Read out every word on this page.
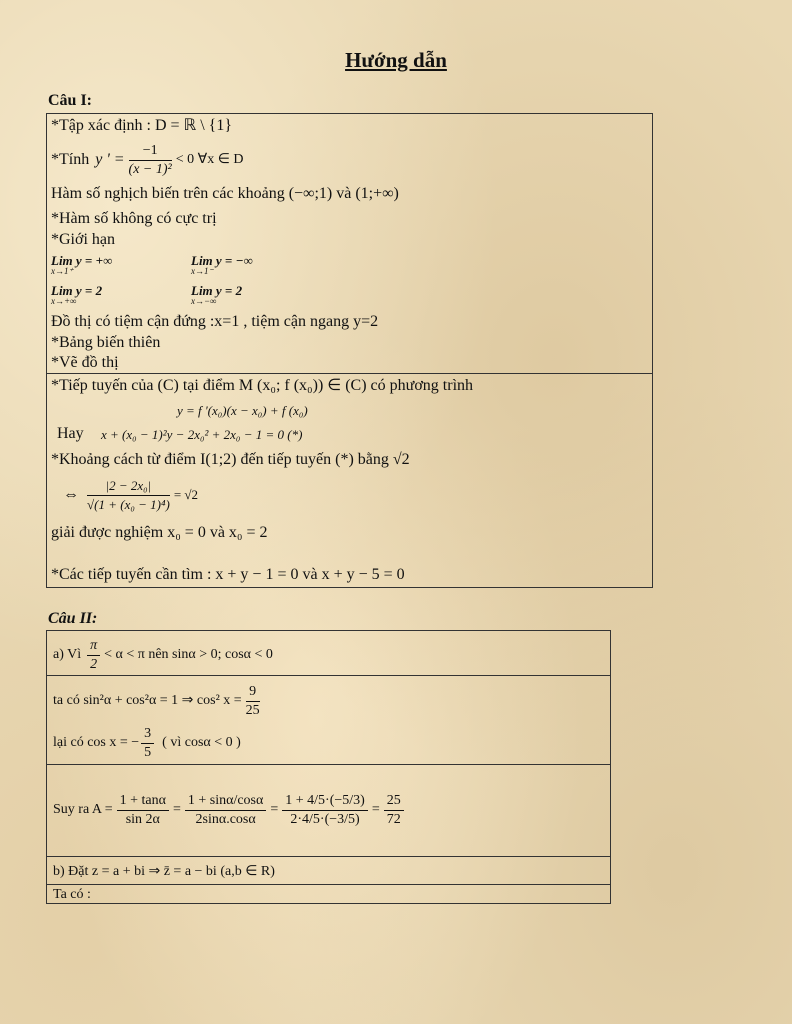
Hướng dẫn
Câu I:
*Tập xác định : D = ℝ \ {1}
*Tính y ' = $\frac{-1}{\text{(x − 1)²}} < 0$ ∀x ∈ D
Hàm số nghịch biến trên các khoảng (−∞;1) và (1;+∞)
*Hàm số không có cực trị
*Giới hạn
Lim y = +∞
x→1⁺
Lim y = −∞
x→1⁻
Lim y = 2
x→+∞
Lim y = 2
x→−∞
Đồ thị có tiệm cận đứng :x=1 , tiệm cận ngang y=2
*Bảng biến thiên
*Vẽ đồ thị
*Tiếp tuyến của (C) tại điểm M (x₀; f (x₀)) ∈ (C) có phương trình
y = f '(x₀)(x − x₀) + f (x₀)
Hay x + (x₀ − 1)²y − 2x₀² + 2x₀ − 1 = 0 (*)
*Khoảng cách từ điểm I(1;2) đến tiếp tuyến (*) bằng √2
⇔ $\frac{\text{|2 − 2x₀|}}{\text{√(1 + (x₀ − 1)⁴)}} = √2$
giải được nghiệm x₀ = 0 và x₀ = 2
*Các tiếp tuyến cần tìm : x + y − 1 = 0 và x + y − 5 = 0
Câu II:
a) Vì $\frac{\pi}{2} < \alpha < \pi$ nên sinα > 0; cosα < 0
ta có sin²α + cos²α = 1 ⇒ cos² $x = \frac{9}{25}$
lại có cos x = − $\frac{3}{5}$ ( vì cosα < 0 )
Suy ra $A = \frac{1 + \tan\alpha}{\sin 2\alpha} = \frac{1 + \sin\alpha/\cos\alpha}{2\sin\alpha.\cos\alpha} = \frac{1 + 4/5\cdot(-5/3)}{2\cdot 4/5\cdot(-3/5)} = \frac{25}{72}$
b) Đặt z = a + bi ⇒ z̄ = a − bi (a,b ∈ R)
Ta có :
